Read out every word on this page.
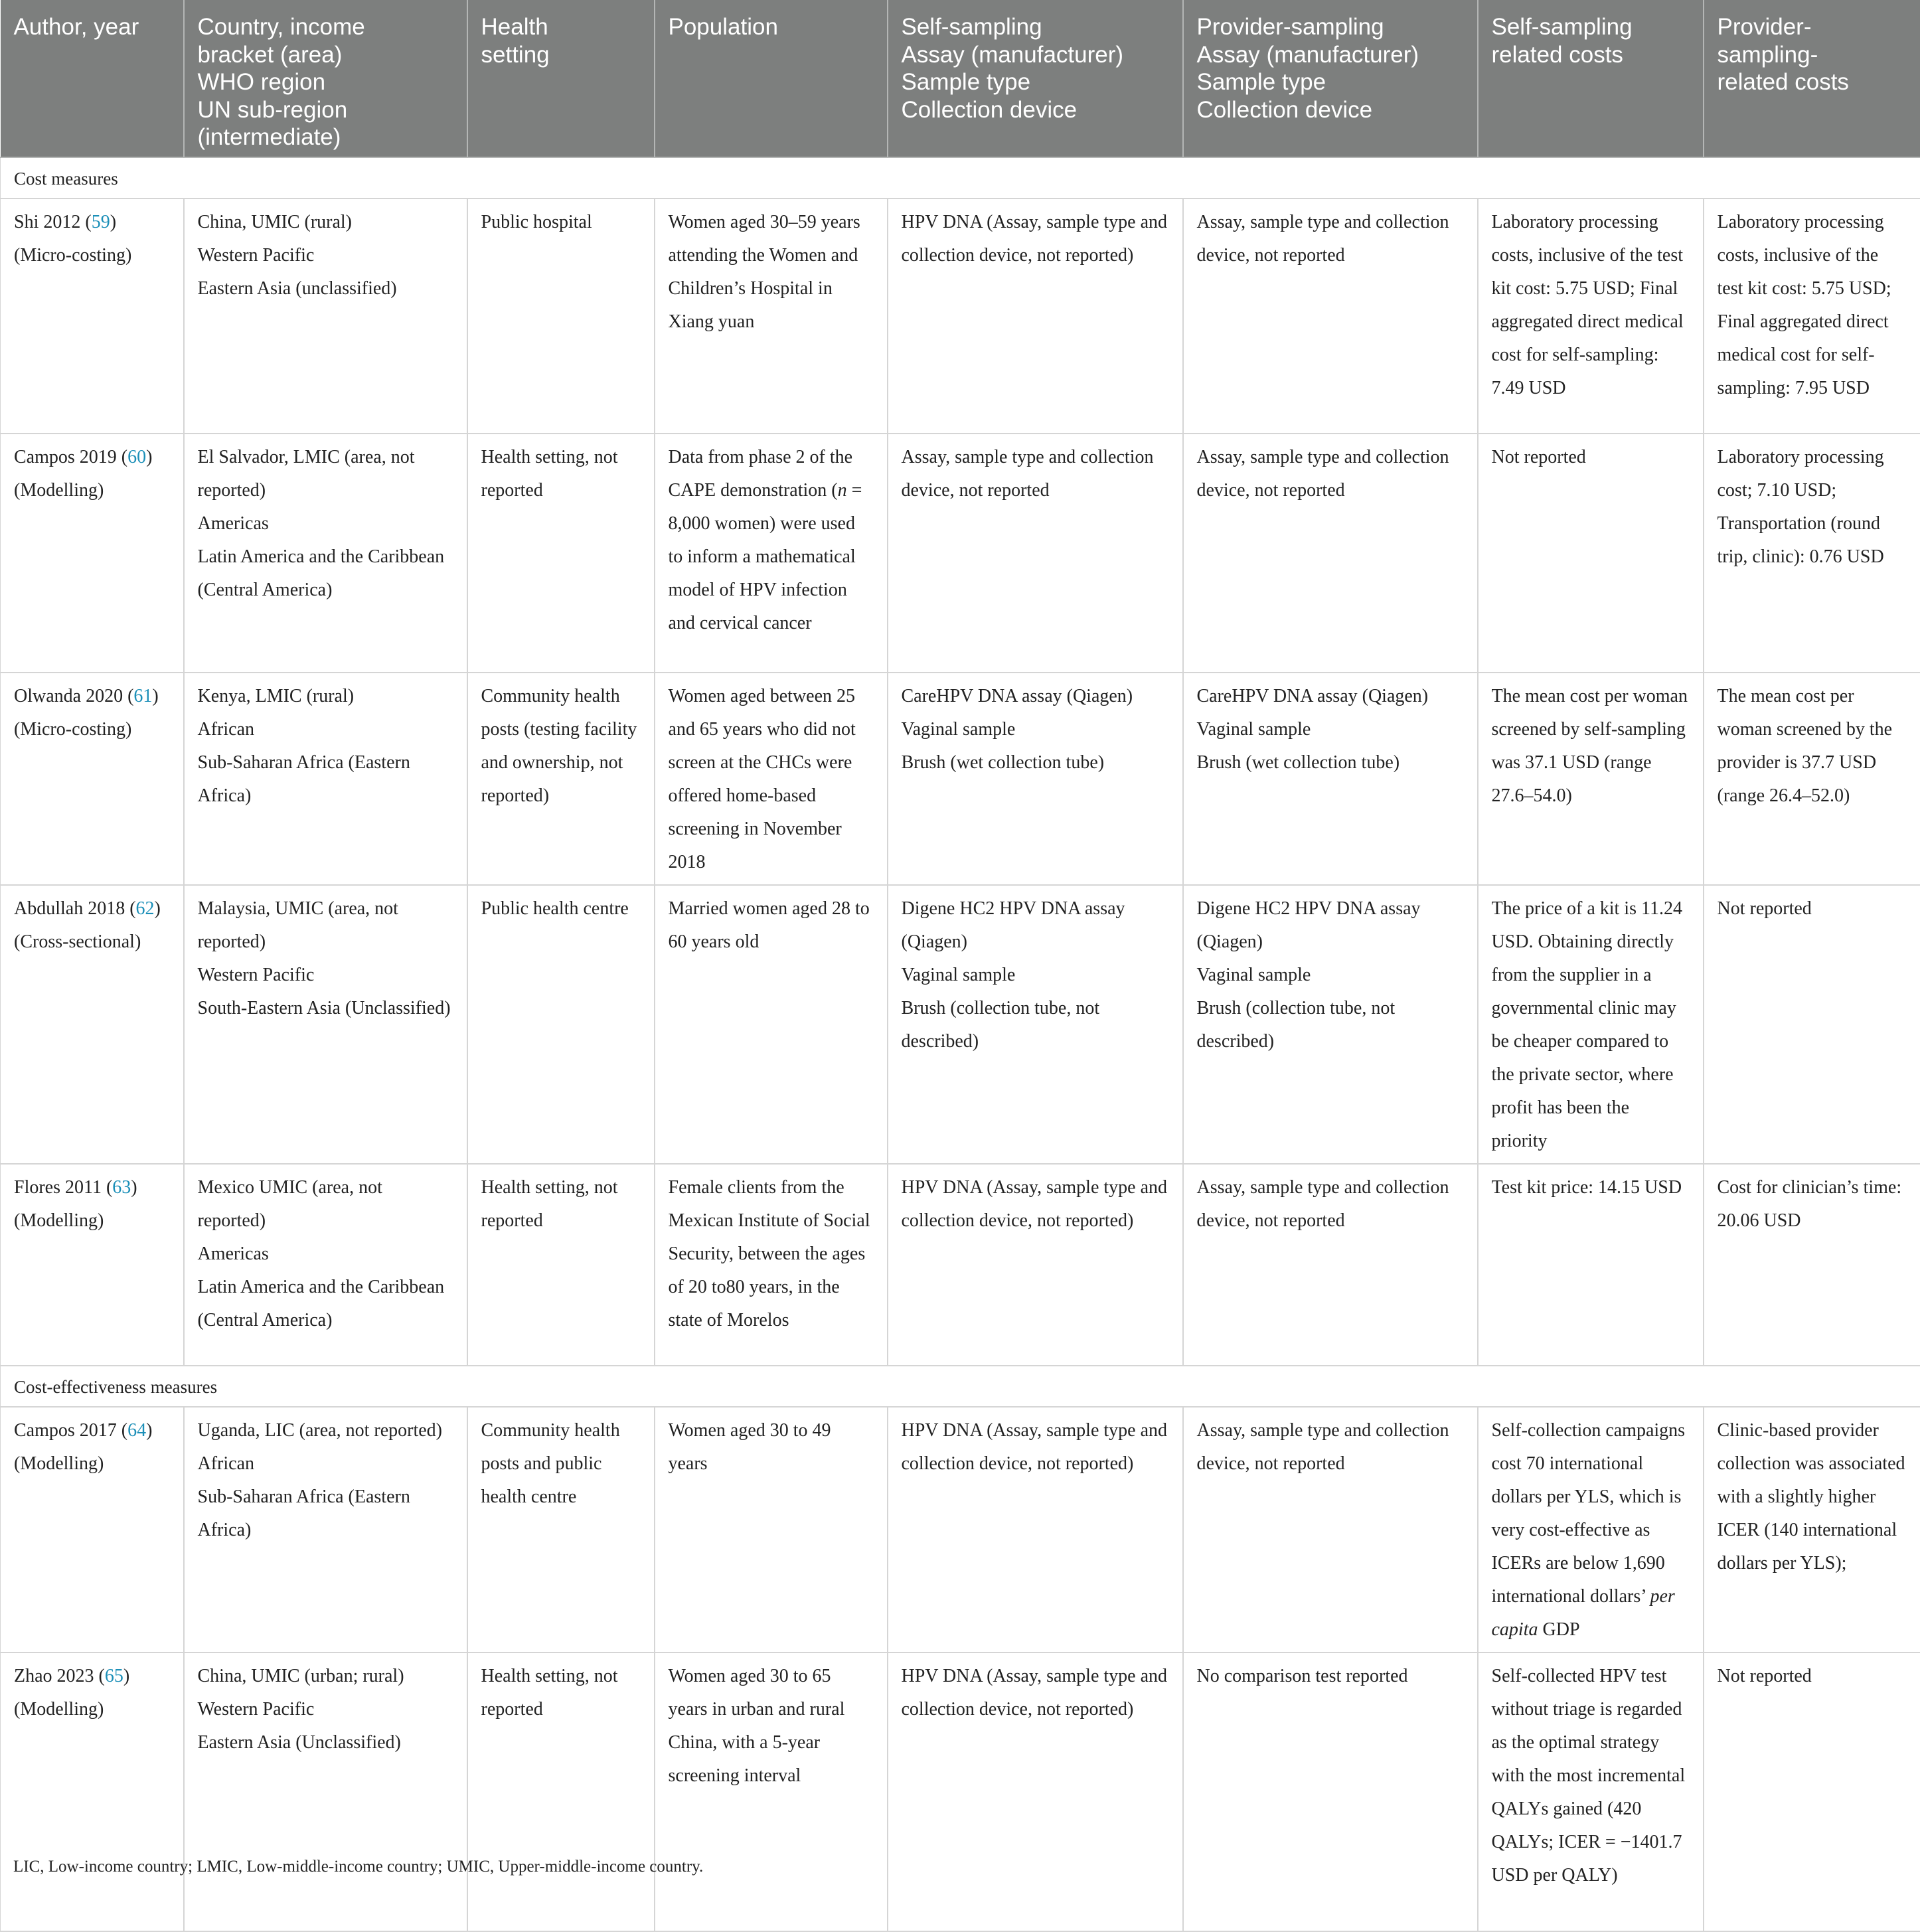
Author, year	Country, income
bracket (area)
WHO region
UN sub-region
(intermediate)	Health
setting	Population	Self-sampling
Assay (manufacturer)
Sample type
Collection device	Provider-sampling
Assay (manufacturer)
Sample type
Collection device	Self-sampling
related costs	Provider-
sampling-
related costs

Cost measures							
Shi 2012 (59)
(Micro-costing)	China, UMIC (rural)
Western Pacific
Eastern Asia (unclassified)	Public hospital	Women aged 30–59 years attending the Women and Children’s Hospital in Xiang yuan	HPV DNA (Assay, sample type and collection device, not reported)	Assay, sample type and collection device, not reported	Laboratory processing costs, inclusive of the test kit cost: 5.75 USD; Final aggregated direct medical cost for self-sampling: 7.49 USD	Laboratory processing costs, inclusive of the test kit cost: 5.75 USD; Final aggregated direct medical cost for self-sampling: 7.95 USD
Campos 2019 (60)
(Modelling)	El Salvador, LMIC (area, not reported)
Americas
Latin America and the Caribbean (Central America)	Health setting, not reported	Data from phase 2 of the CAPE demonstration (n = 8,000 women) were used to inform a mathematical model of HPV infection and cervical cancer	Assay, sample type and collection device, not reported	Assay, sample type and collection device, not reported	Not reported	Laboratory processing cost; 7.10 USD; Transportation (round trip, clinic): 0.76 USD
Olwanda 2020 (61)
(Micro-costing)	Kenya, LMIC (rural)
African
Sub-Saharan Africa (Eastern Africa)	Community health posts (testing facility and ownership, not reported)	Women aged between 25 and 65 years who did not screen at the CHCs were offered home-based screening in November 2018	CareHPV DNA assay (Qiagen)
Vaginal sample
Brush (wet collection tube)	CareHPV DNA assay (Qiagen)
Vaginal sample
Brush (wet collection tube)	The mean cost per woman screened by self-sampling was 37.1 USD (range 27.6–54.0)	The mean cost per woman screened by the provider is 37.7 USD (range 26.4–52.0)
Abdullah 2018 (62)
(Cross-sectional)	Malaysia, UMIC (area, not reported)
Western Pacific
South-Eastern Asia (Unclassified)	Public health centre	Married women aged 28 to 60 years old	Digene HC2 HPV DNA assay (Qiagen)
Vaginal sample
Brush (collection tube, not described)	Digene HC2 HPV DNA assay (Qiagen)
Vaginal sample
Brush (collection tube, not described)	The price of a kit is 11.24 USD. Obtaining directly from the supplier in a governmental clinic may be cheaper compared to the private sector, where profit has been the priority	Not reported
Flores 2011 (63)
(Modelling)	Mexico UMIC (area, not reported)
Americas
Latin America and the Caribbean (Central America)	Health setting, not reported	Female clients from the Mexican Institute of Social Security, between the ages of 20 to80 years, in the state of Morelos	HPV DNA (Assay, sample type and collection device, not reported)	Assay, sample type and collection device, not reported	Test kit price: 14.15 USD	Cost for clinician’s time: 20.06 USD
Cost-effectiveness measures							
Campos 2017 (64)
(Modelling)	Uganda, LIC (area, not reported)
African
Sub-Saharan Africa (Eastern Africa)	Community health posts and public health centre	Women aged 30 to 49 years	HPV DNA (Assay, sample type and collection device, not reported)	Assay, sample type and collection device, not reported	Self-collection campaigns cost 70 international dollars per YLS, which is very cost-effective as ICERs are below 1,690 international dollars’ per capita GDP	Clinic-based provider collection was associated with a slightly higher ICER (140 international dollars per YLS);
Zhao 2023 (65)
(Modelling)	China, UMIC (urban; rural)
Western Pacific
Eastern Asia (Unclassified)	Health setting, not reported	Women aged 30 to 65 years in urban and rural China, with a 5-year screening interval	HPV DNA (Assay, sample type and collection device, not reported)	No comparison test reported	Self-collected HPV test without triage is regarded as the optimal strategy with the most incremental QALYs gained (420 QALYs; ICER = −1401.7 USD per QALY)	Not reported
LIC, Low-income country; LMIC, Low-middle-income country; UMIC, Upper-middle-income country.
